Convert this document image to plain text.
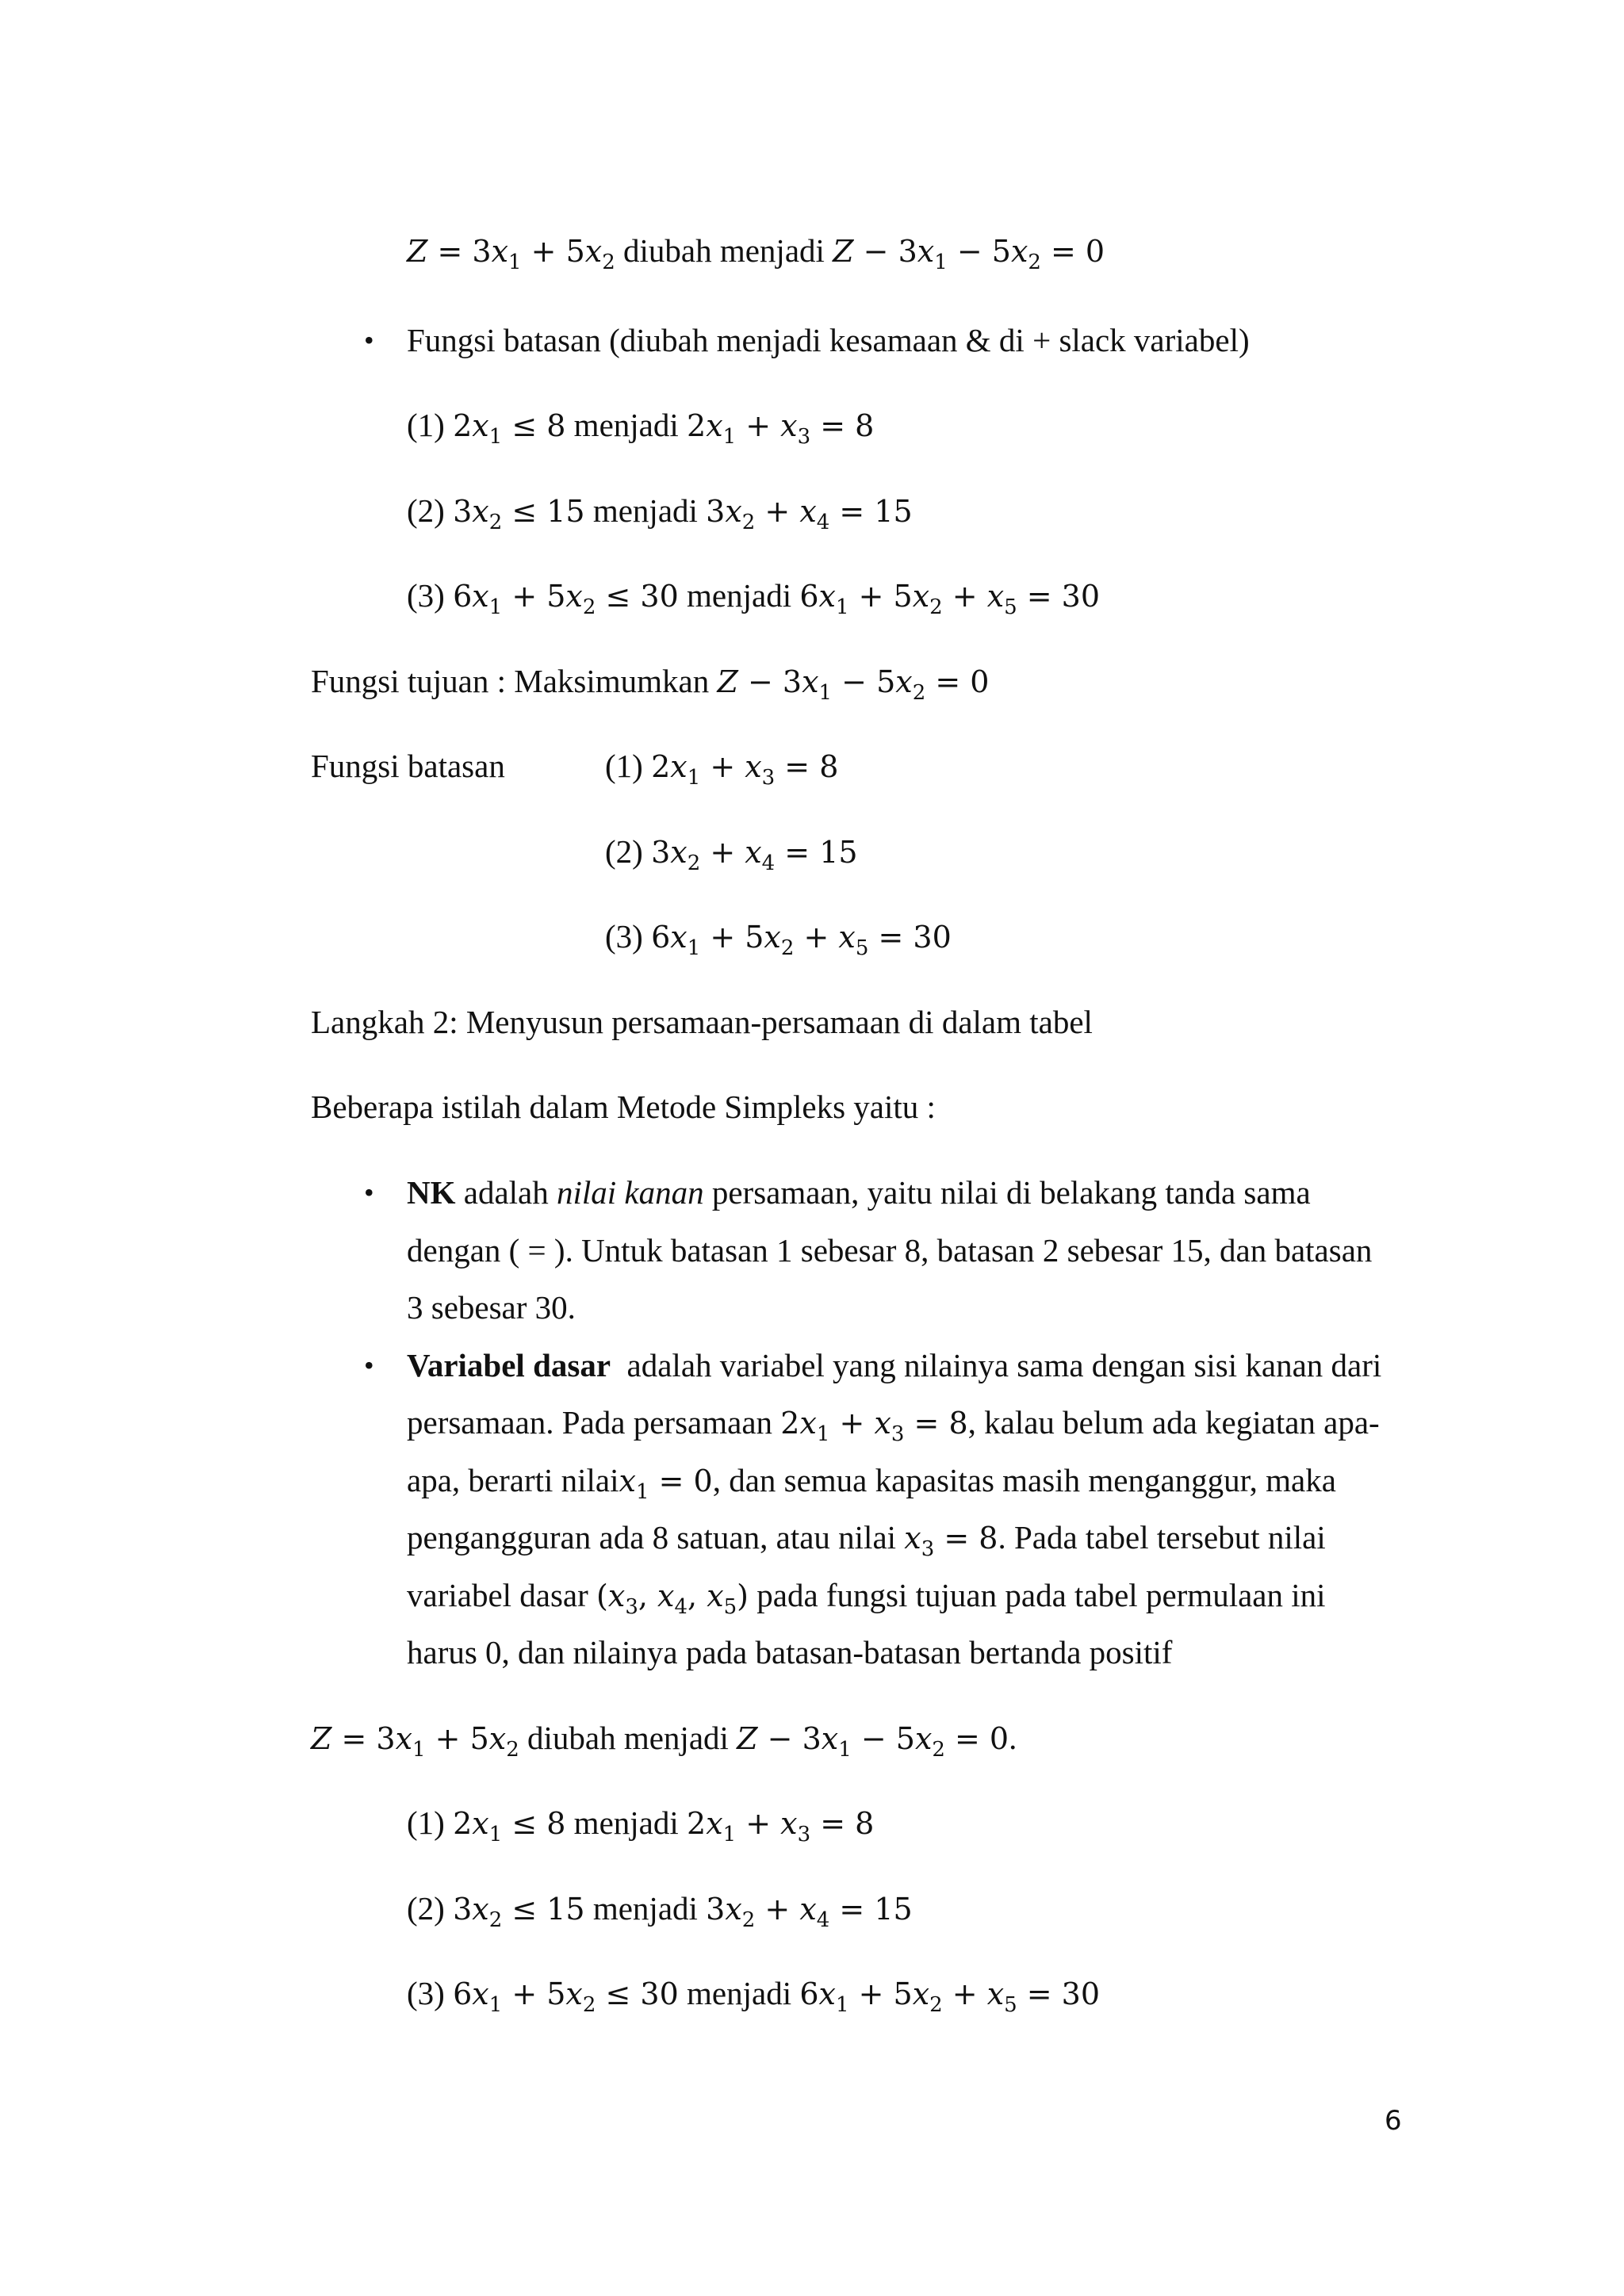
$Z = 3x_1 + 5x_2$ diubah menjadi $Z - 3x_1 - 5x_2 = 0$
• Fungsi batasan (diubah menjadi kesamaan & di + slack variabel)
(1) $2x_1 \le 8$ menjadi $2x_1 + x_3 = 8$
(2) $3x_2 \le 15$ menjadi $3x_2 + x_4 = 15$
(3) $6x_1 + 5x_2 \le 30$ menjadi $6x_1 + 5x_2 + x_5 = 30$
Fungsi tujuan : Maksimumkan $Z - 3x_1 - 5x_2 = 0$
Fungsi batasan	(1) $2x_1 + x_3 = 8$
(2) $3x_2 + x_4 = 15$
(3) $6x_1 + 5x_2 + x_5 = 30$
Langkah 2: Menyusun persamaan-persamaan di dalam tabel
Beberapa istilah dalam Metode Simpleks yaitu :
• NK adalah nilai kanan persamaan, yaitu nilai di belakang tanda sama
dengan ( = ). Untuk batasan 1 sebesar 8, batasan 2 sebesar 15, dan batasan
3 sebesar 30.
• Variabel dasar  adalah variabel yang nilainya sama dengan sisi kanan dari
persamaan. Pada persamaan $2x_1 + x_3 = 8$, kalau belum ada kegiatan apa-
apa, berarti nilaix$_1$ = 0, dan semua kapasitas masih menganggur, maka
pengangguran ada 8 satuan, atau nilai $x_3 = 8$. Pada tabel tersebut nilai
variabel dasar ($x_3$, $x_4$, $x_5$) pada fungsi tujuan pada tabel permulaan ini
harus 0, dan nilainya pada batasan-batasan bertanda positif
$Z = 3x_1 + 5x_2$ diubah menjadi $Z - 3x_1 - 5x_2 = 0$.
(1) $2x_1 \le 8$ menjadi $2x_1 + x_3 = 8$
(2) $3x_2 \le 15$ menjadi $3x_2 + x_4 = 15$
(3) $6x_1 + 5x_2 \le 30$ menjadi $6x_1 + 5x_2 + x_5 = 30$
6
